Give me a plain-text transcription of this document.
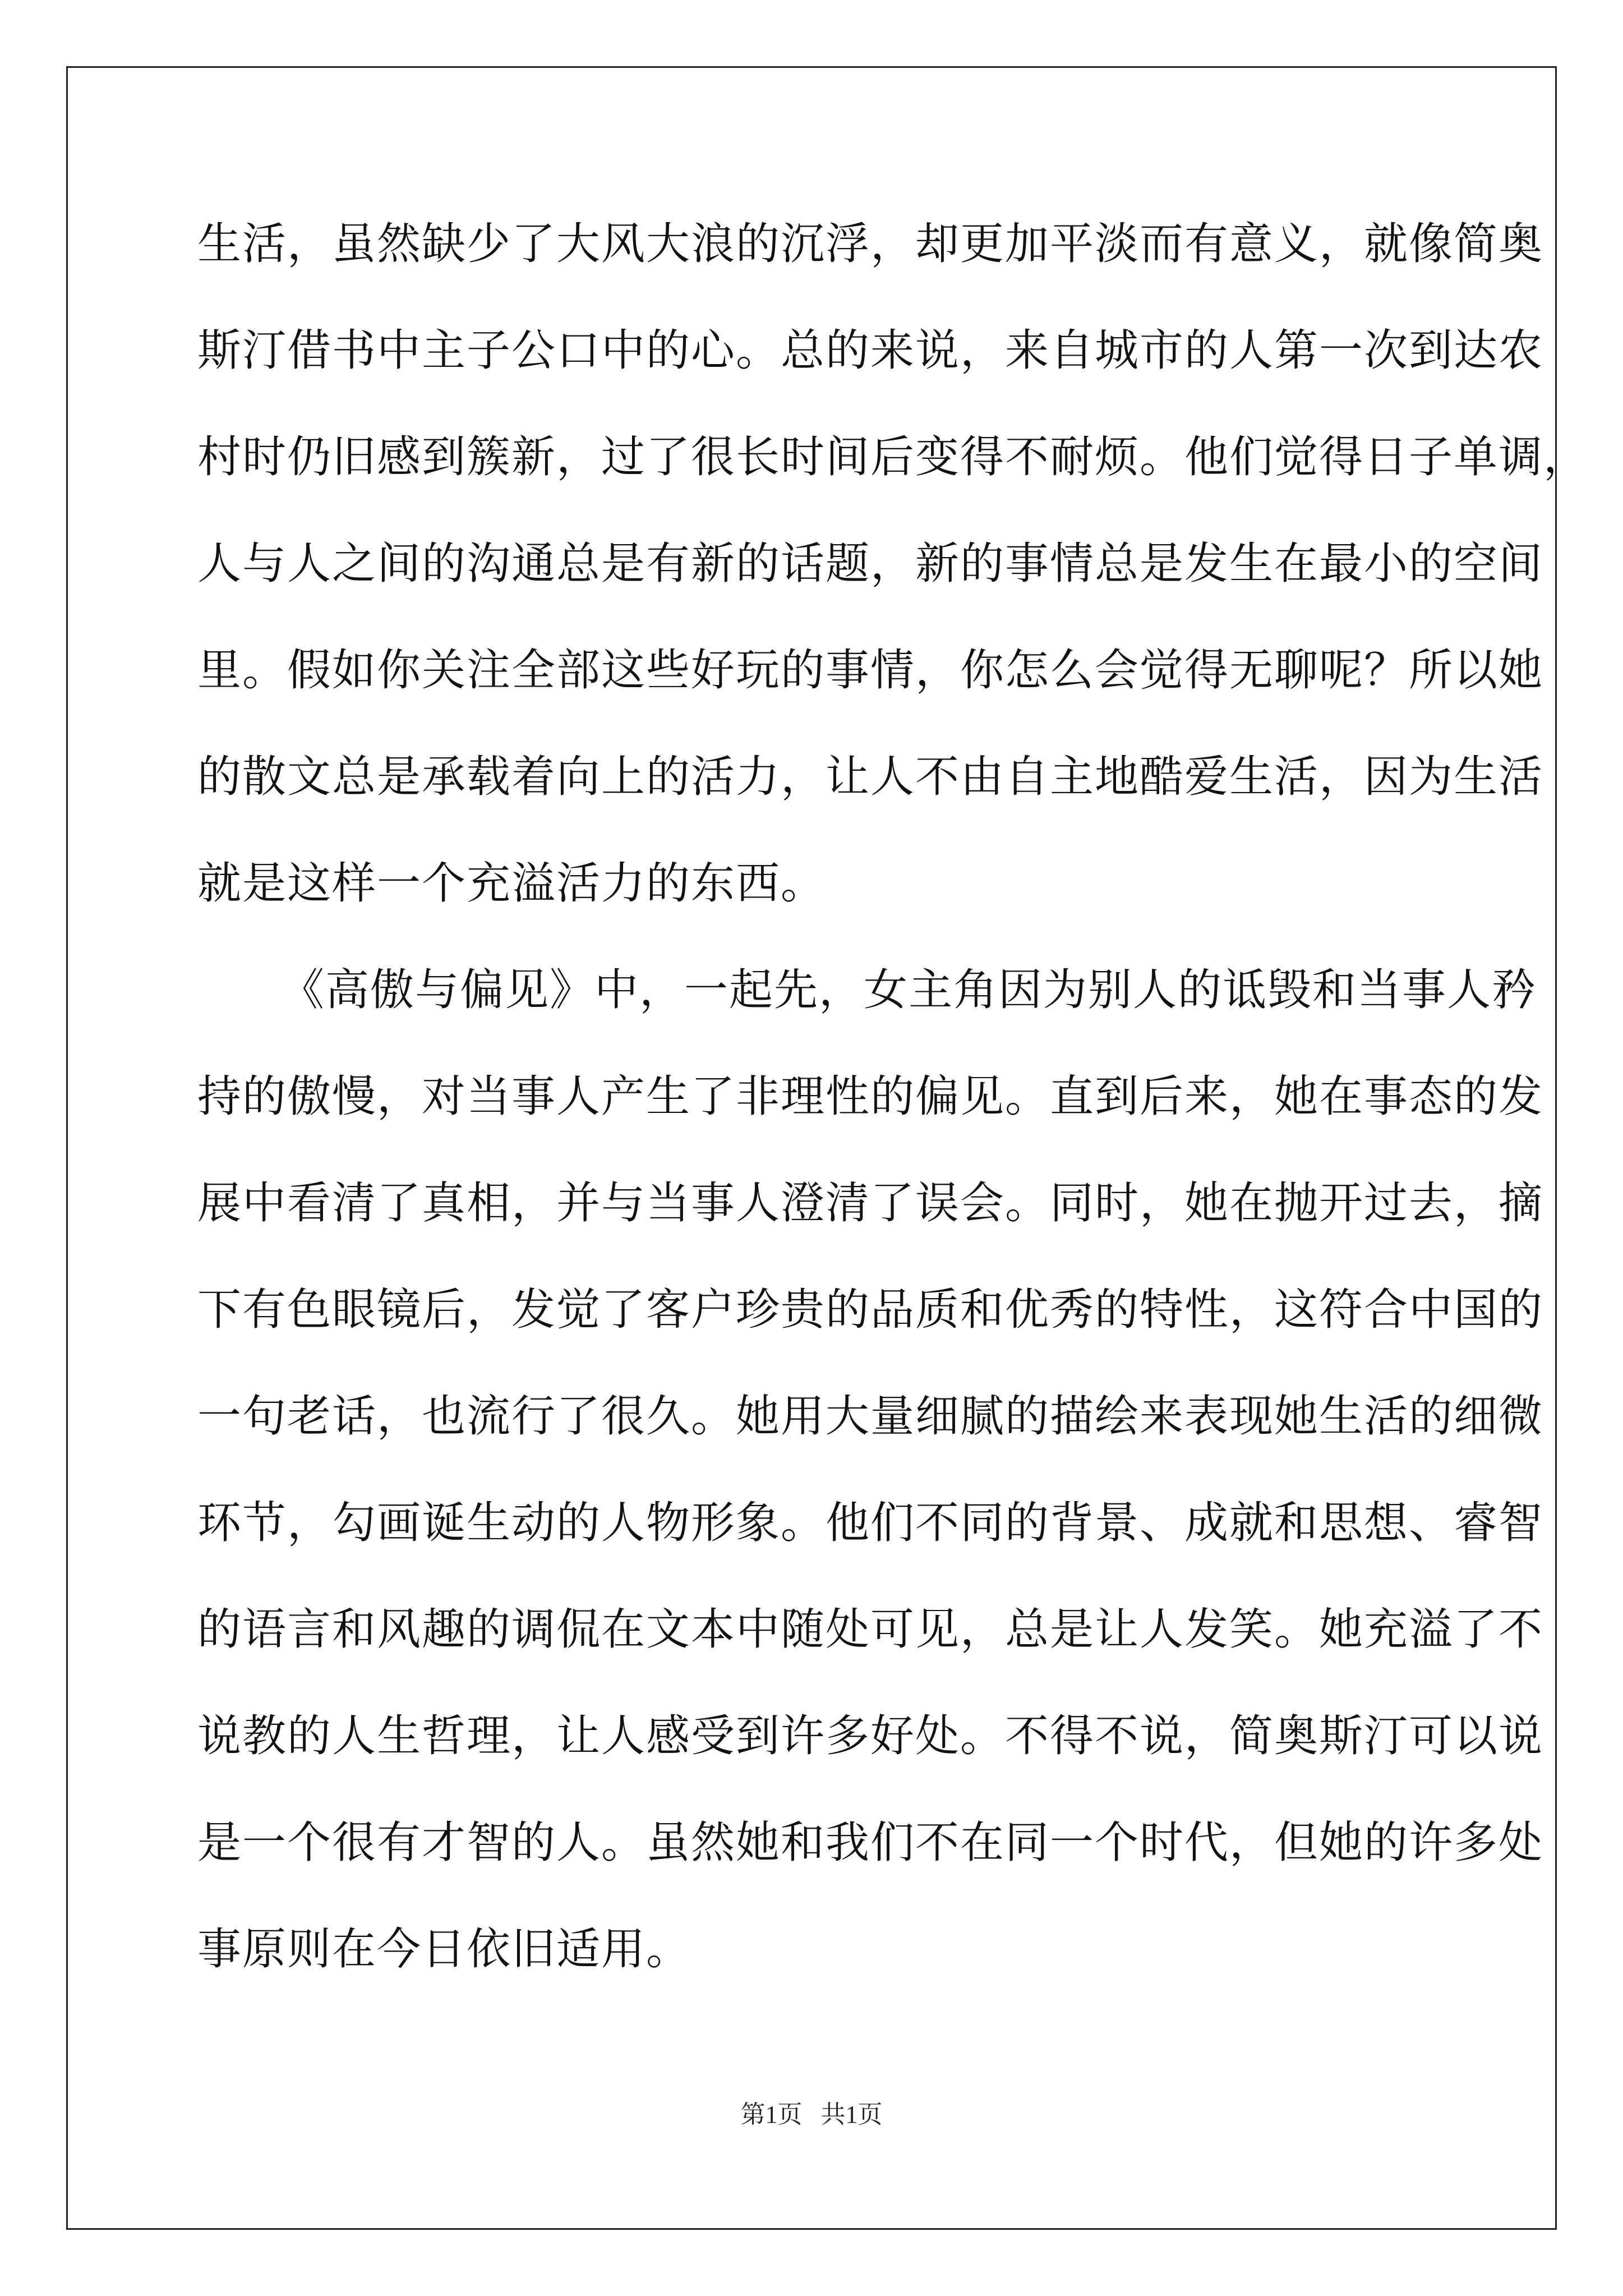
生活，虽然缺少了大风大浪的沉浮，却更加平淡而有意义，就像简奥
斯汀借书中主子公口中的心。总的来说，来自城市的人第一次到达农
村时仍旧感到簇新，过了很长时间后变得不耐烦。他们觉得日子单调，
人与人之间的沟通总是有新的话题，新的事情总是发生在最小的空间
里。假如你关注全部这些好玩的事情，你怎么会觉得无聊呢？所以她
的散文总是承载着向上的活力，让人不由自主地酷爱生活，因为生活
就是这样一个充溢活力的东西。
《高傲与偏见》中，一起先，女主角因为别人的诋毁和当事人矜
持的傲慢，对当事人产生了非理性的偏见。直到后来，她在事态的发
展中看清了真相，并与当事人澄清了误会。同时，她在抛开过去，摘
下有色眼镜后，发觉了客户珍贵的品质和优秀的特性，这符合中国的
一句老话，也流行了很久。她用大量细腻的描绘来表现她生活的细微
环节，勾画诞生动的人物形象。他们不同的背景、成就和思想、睿智
的语言和风趣的调侃在文本中随处可见，总是让人发笑。她充溢了不
说教的人生哲理，让人感受到许多好处。不得不说，简奥斯汀可以说
是一个很有才智的人。虽然她和我们不在同一个时代，但她的许多处
事原则在今日依旧适用。
第1页 共1页
